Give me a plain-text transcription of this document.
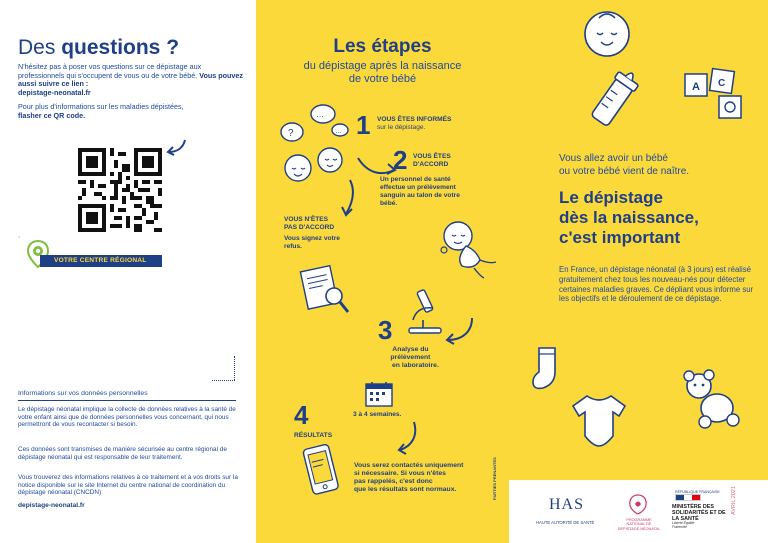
Des questions ?
N'hésitez pas à poser vos questions sur ce dépistage aux professionnels qui s'occupent de vous ou de votre bébé. Vous pouvez aussi suivre ce lien :
depistage-neonatal.fr
Pour plus d'informations sur les maladies dépistées,
flasher ce QR code.
·
VOTRE CENTRE RÉGIONAL
Informations sur vos données personnelles
Le dépistage néonatal implique la collecte de données relatives à la santé de votre enfant ainsi que de données personnelles vous concernant, qui nous permettront de vous recontacter si besoin.
Ces données sont transmises de manière sécurisée au centre régional de dépistage néonatal qui est responsable de leur traitement.
Vous trouverez des informations relatives à ce traitement et à vos droits sur la notice disponible sur le site Internet du centre national de coordination du dépistage néonatal (CNCDN)
depistage-neonatal.fr
Les étapes
du dépistage après la naissance
de votre bébé
?
…
… 1 VOUS ÊTES INFORMÉS
sur le dépistage.
2 VOUS ÊTES
D'ACCORD
Un personnel de santé effectue un prélèvement sanguin au talon de votre bébé.
VOUS N'ÊTES
PAS D'ACCORD
Vous signez votre refus.
3
Analyse du
prélèvement
en laboratoire.
3 à 4 semaines.
4
RÉSULTATS
Vous serez contactés uniquement
si nécessaire. Si vous n'êtes
pas rappelés, c'est donc
que les résultats sont normaux.
A C
Vous allez avoir un bébé
ou votre bébé vient de naître.
Le dépistage
dès la naissance,
c'est important
En France, un dépistage néonatal (à 3 jours) est réalisé gratuitement chez tous les nouveau-nés pour détecter certaines maladies graves. Ce dépliant vous informe sur les objectifs et le déroulement de ce dépistage.
PARTIES PRENANTES
HAS
HAUTE AUTORITÉ DE SANTÉ	PROGRAMME NATIONAL DE DÉPISTAGE NÉONATAL
RÉPUBLIQUE FRANÇAISE
MINISTÈRE DES SOLIDARITÉS ET DE LA SANTÉ
Liberté Égalité Fraternité
AVRIL 2021
